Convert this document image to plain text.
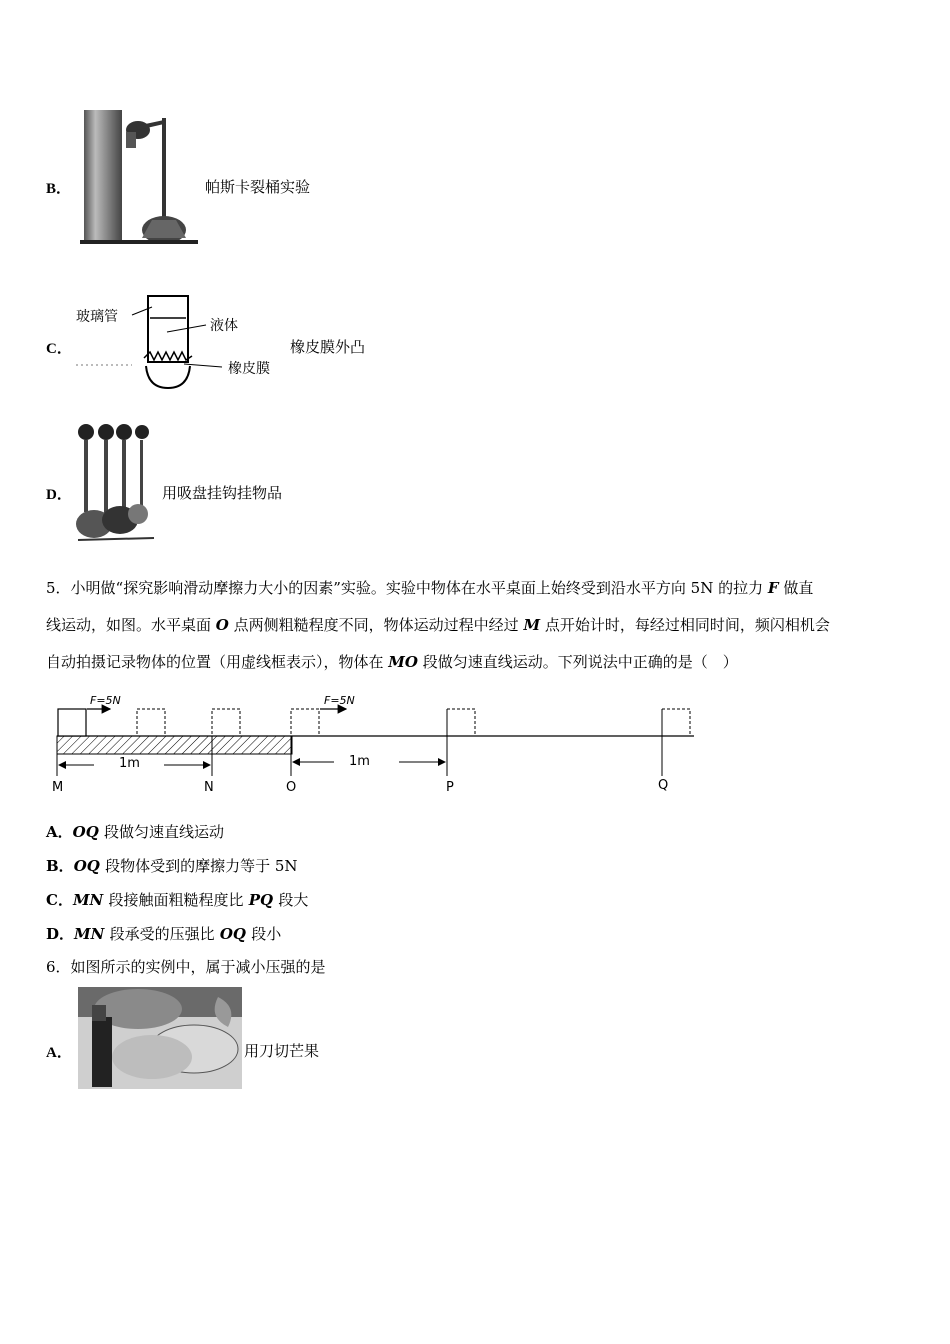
B．	帕斯卡裂桶实验
C．
玻璃管
液体
橡皮膜
橡皮膜外凸
D．	用吸盘挂钩挂物品
5．小明做“探究影响滑动摩擦力大小的因素”实验。实验中物体在水平桌面上始终受到沿水平方向 5N 的拉力 F 做直
线运动，如图。水平桌面 O 点两侧粗糙程度不同，物体运动过程中经过 M 点开始计时，每经过相同时间，频闪相机会
自动拍摄记录物体的位置（用虚线框表示），物体在 MO 段做匀速直线运动。下列说法中正确的是（　）
F=5N	F=5N
1m	1m
M	N	O	P	Q
A．OQ 段做匀速直线运动
B．OQ 段物体受到的摩擦力等于 5N
C．MN 段接触面粗糙程度比 PQ 段大
D．MN 段承受的压强比 OQ 段小
6．如图所示的实例中，属于减小压强的是
A．	用刀切芒果
